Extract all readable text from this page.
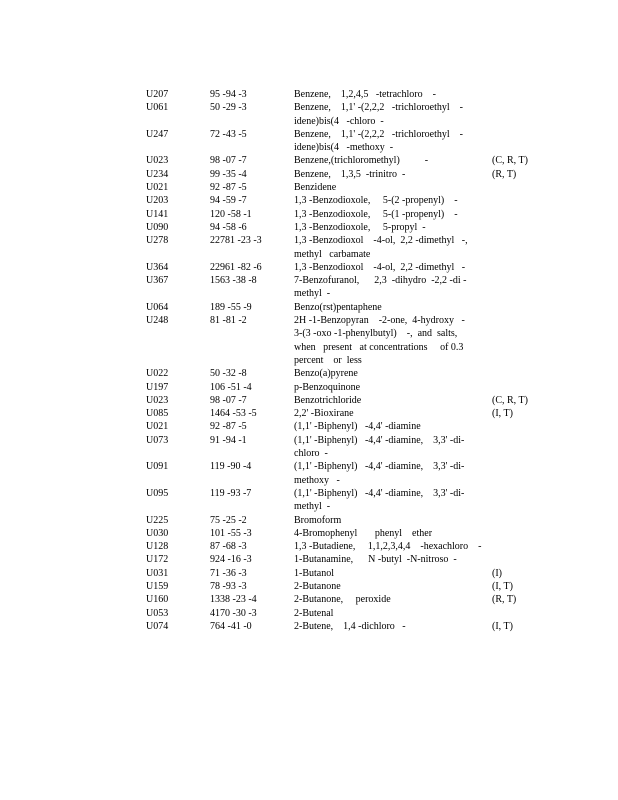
U207	95 -94 -3	Benzene,    1,2,4,5   -tetrachloro    -
U061	50 -29 -3	Benzene,    1,1' -(2,2,2   -trichloroethyl    -
idene)bis(4   -chloro  -
U247	72 -43 -5	Benzene,    1,1' -(2,2,2   -trichloroethyl    -
idene)bis(4   -methoxy  -
U023	98 -07 -7	Benzene,(trichloromethyl)          -	(C, R, T)
U234	99 -35 -4	Benzene,    1,3,5  -trinitro  -	(R, T)
U021	92 -87 -5	Benzidene
U203	94 -59 -7	1,3 -Benzodioxole,     5-(2 -propenyl)    -
U141	120 -58 -1	1,3 -Benzodioxole,     5-(1 -propenyl)    -
U090	94 -58 -6	1,3 -Benzodioxole,     5-propyl  -
U278	22781 -23 -3	1,3 -Benzodioxol    -4-ol,  2,2 -dimethyl   -,
methyl   carbamate
U364	22961 -82 -6	1,3 -Benzodioxol    -4-ol,  2,2 -dimethyl   -
U367	1563 -38 -8	7-Benzofuranol,      2,3  -dihydro  -2,2 -di -
methyl  -
U064	189 -55 -9	Benzo(rst)pentaphene
U248	81 -81 -2	2H -1-Benzopyran    -2-one,  4-hydroxy   -
3-(3 -oxo -1-phenylbutyl)    -,  and  salts,
when   present   at concentrations     of 0.3
percent    or  less
U022	50 -32 -8	Benzo(a)pyrene
U197	106 -51 -4	p-Benzoquinone
U023	98 -07 -7	Benzotrichloride	(C, R, T)
U085	1464 -53 -5	2,2' -Bioxirane	(I, T)
U021	92 -87 -5	(1,1' -Biphenyl)   -4,4' -diamine
U073	91 -94 -1	(1,1' -Biphenyl)   -4,4' -diamine,    3,3' -di-
chloro  -
U091	119 -90 -4	(1,1' -Biphenyl)   -4,4' -diamine,    3,3' -di-
methoxy   -
U095	119 -93 -7	(1,1' -Biphenyl)   -4,4' -diamine,    3,3' -di-
methyl  -
U225	75 -25 -2	Bromoform
U030	101 -55 -3	4-Bromophenyl       phenyl    ether
U128	87 -68 -3	1,3 -Butadiene,     1,1,2,3,4,4    -hexachloro    -
U172	924 -16 -3	1-Butanamine,      N -butyl  -N-nitroso  -
U031	71 -36 -3	1-Butanol	(I)
U159	78 -93 -3	2-Butanone	(I, T)
U160	1338 -23 -4	2-Butanone,     peroxide	(R, T)
U053	4170 -30 -3	2-Butenal
U074	764 -41 -0	2-Butene,    1,4 -dichloro   -	(I, T)
